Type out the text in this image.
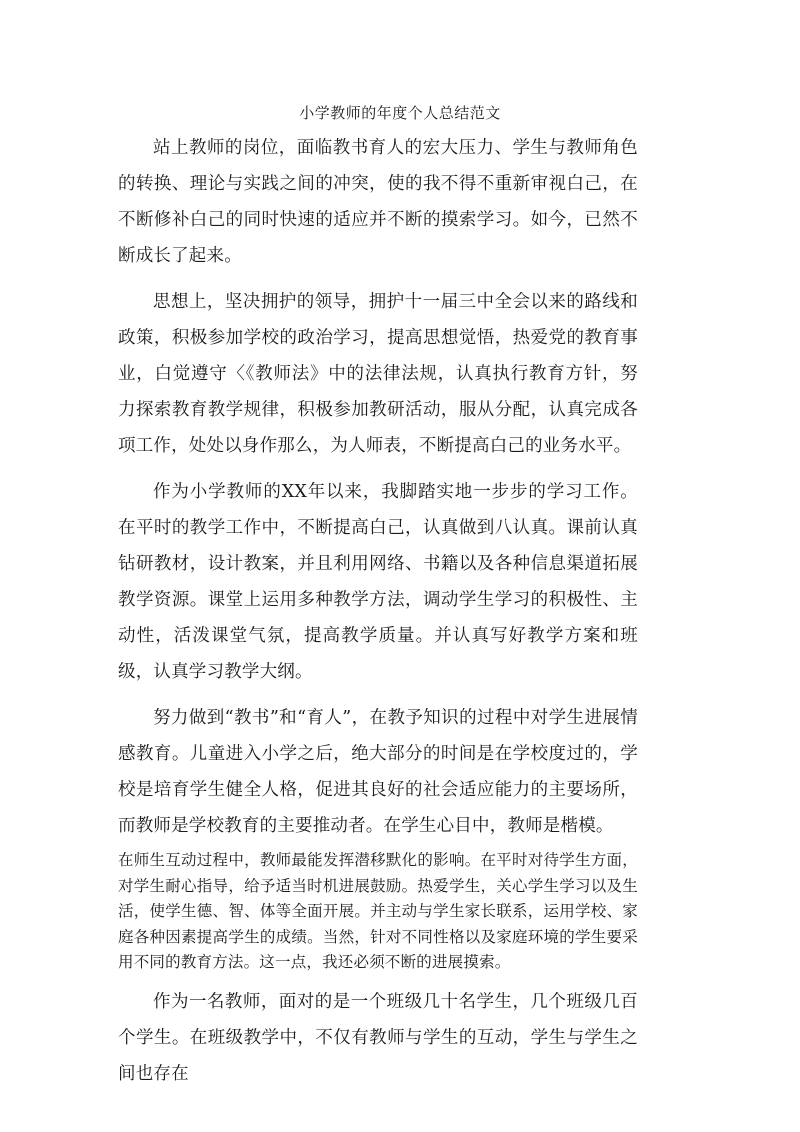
小学教师的年度个人总结范文

站上教师的岗位，面临教书育人的宏大压力、学生与教师角色的转换、理论与实践之间的冲突，使的我不得不重新审视白己，在不断修补白己的同时快速的适应并不断的摸索学习。如今，已然不断成长了起来。

思想上，坚决拥护的领导，拥护十一届三中全会以来的路线和政策，积极参加学校的政治学习，提高思想觉悟，热爱党的教育事业，白觉遵守〈《教师法》中的法律法规，认真执行教育方针，努力探索教育教学规律，积极参加教研活动，服从分配，认真完成各项工作，处处以身作那么，为人师表，不断提高白己的业务水平。

作为小学教师的XX年以来，我脚踏实地一步步的学习工作。在平时的教学工作中，不断提高白己，认真做到八认真。课前认真钻研教材，设计教案，并且利用网络、书籍以及各种信息渠道拓展教学资源。课堂上运用多种教学方法，调动学生学习的积极性、主动性，活泼课堂气氛，提高教学质量。并认真写好教学方案和班级，认真学习教学大纲。

努力做到“教书”和“育人”，在教予知识的过程中对学生进展情感教育。儿童进入小学之后，绝大部分的时间是在学校度过的，学校是培育学生健全人格，促进其良好的社会适应能力的主要场所，而教师是学校教育的主要推动者。在学生心目中，教师是楷模。

在师生互动过程中，教师最能发挥潜移默化的影响。在平时对待学生方面，对学生耐心指导，给予适当时机进展鼓励。热爱学生，关心学生学习以及生活，使学生德、智、体等全面开展。并主动与学生家长联系，运用学校、家庭各种因素提高学生的成绩。当然，针对不同性格以及家庭环境的学生要采用不同的教育方法。这一点，我还必须不断的进展摸索。

作为一名教师，面对的是一个班级几十名学生，几个班级几百个学生。在班级教学中，不仅有教师与学生的互动，学生与学生之间也存在
